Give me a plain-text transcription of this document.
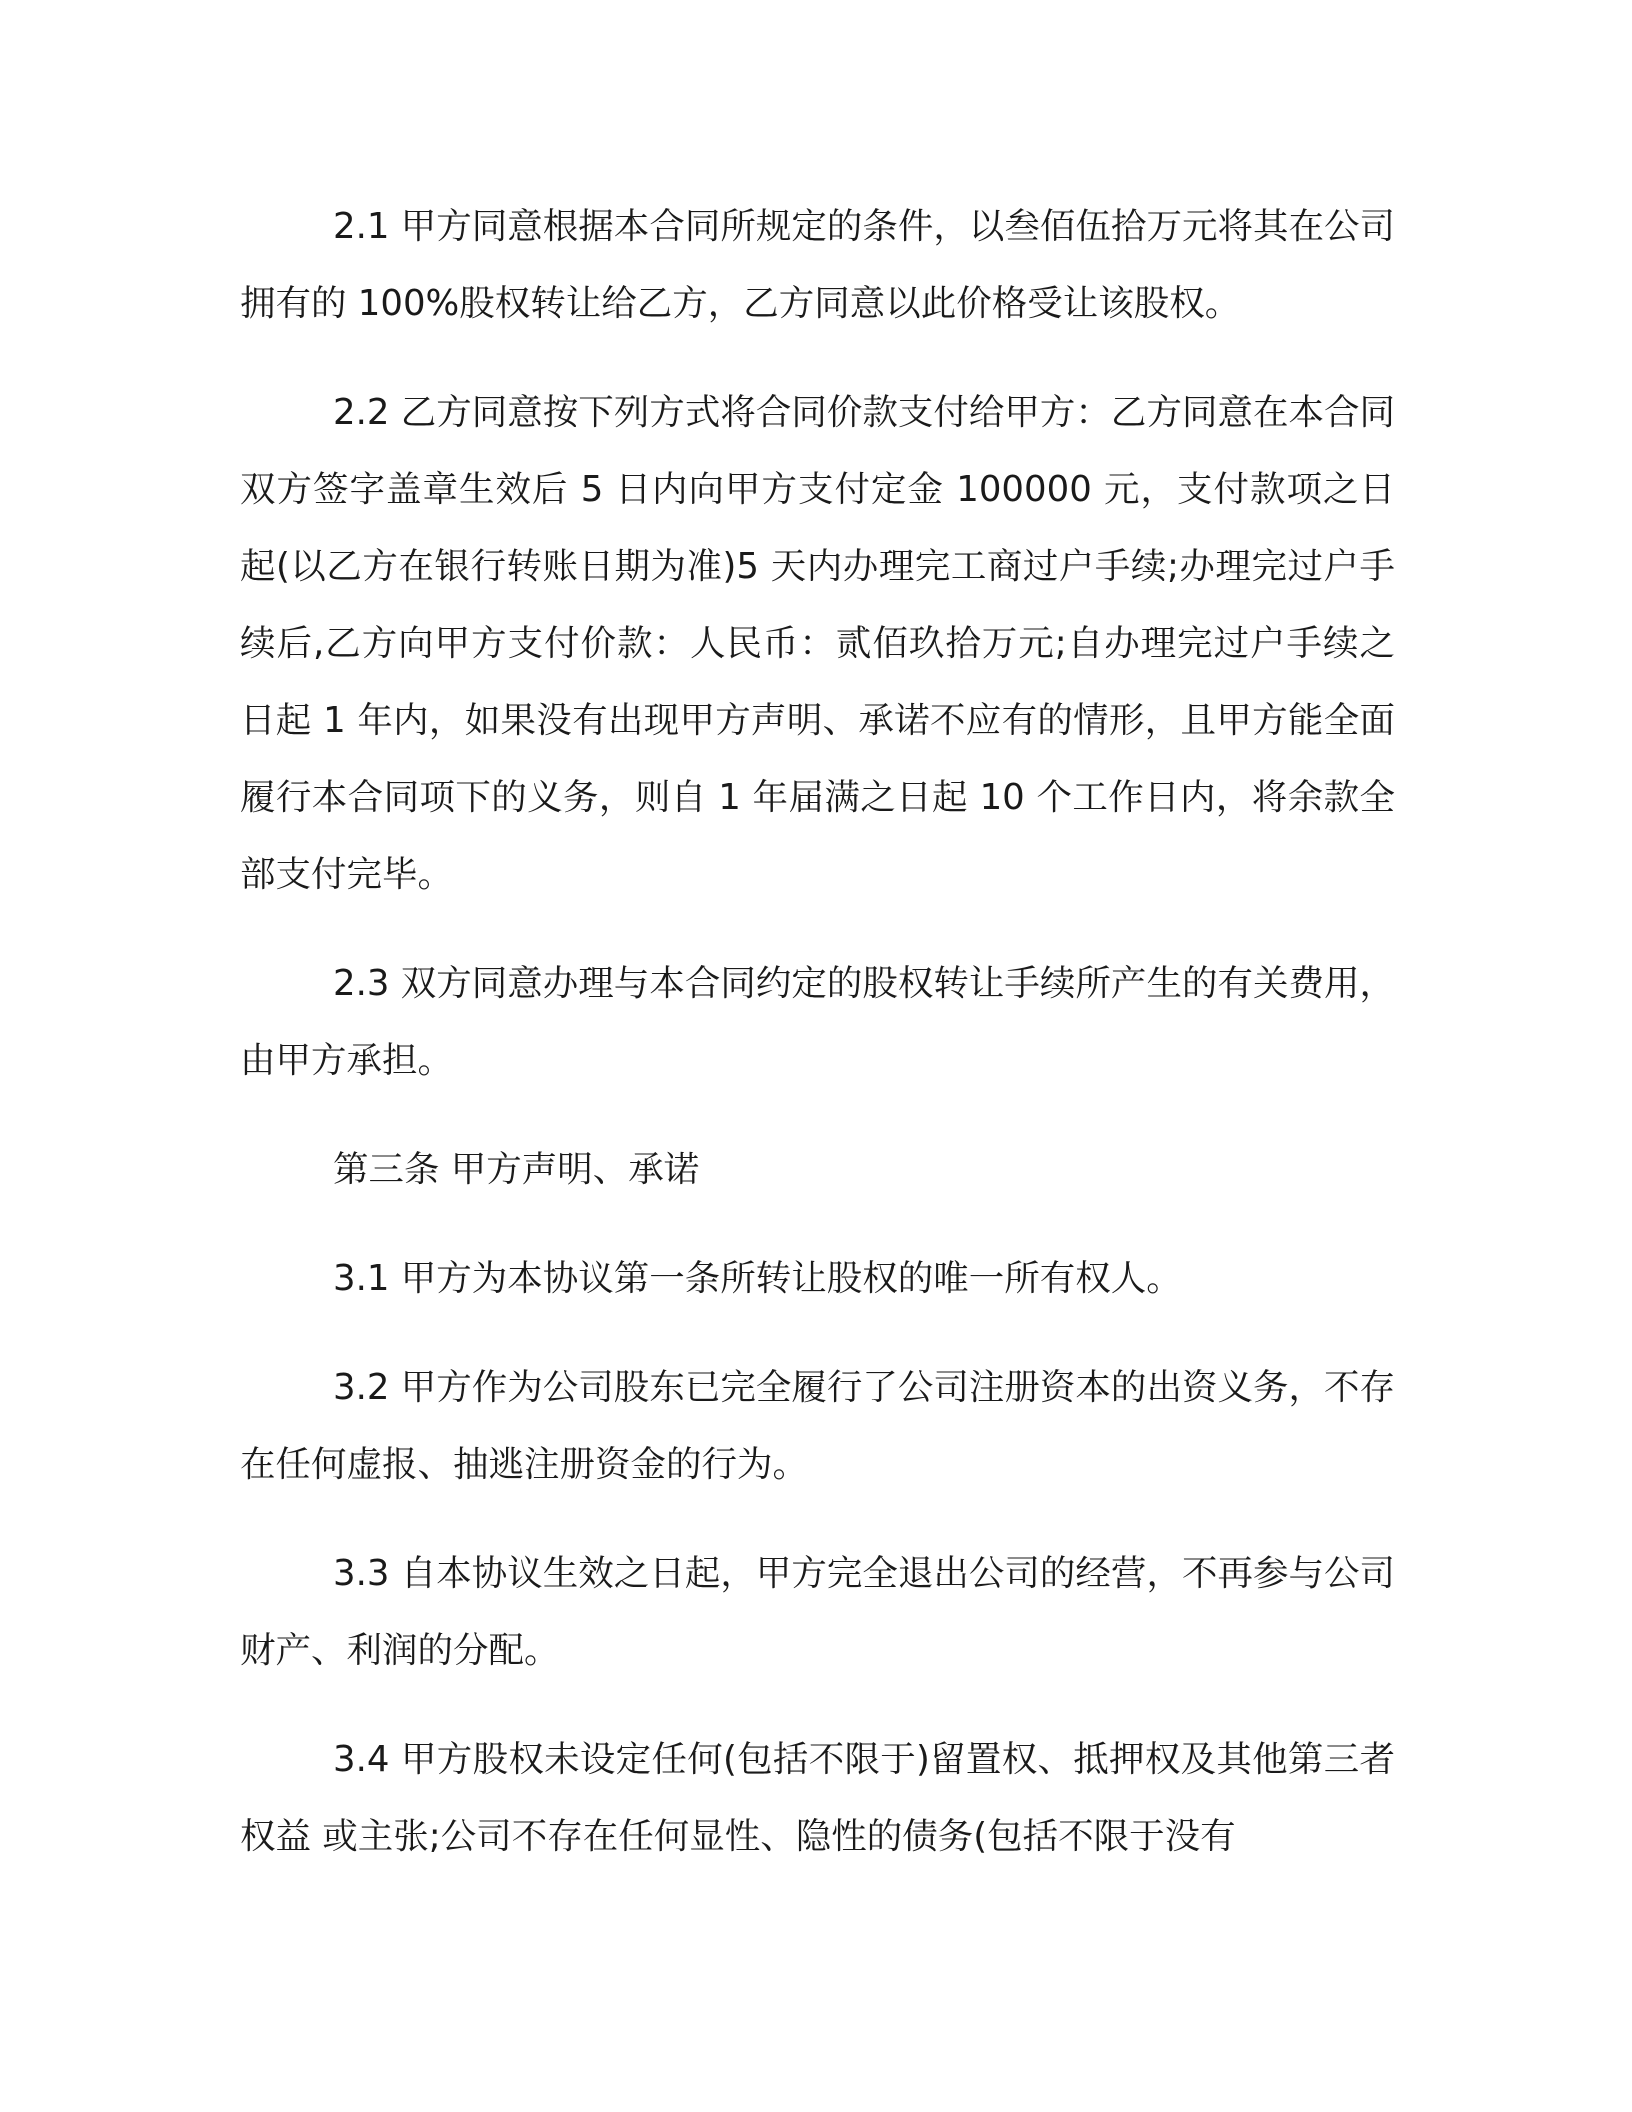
2.1 甲方同意根据本合同所规定的条件，以叁佰伍拾万元将其在公司拥有的 100%股权转让给乙方，乙方同意以此价格受让该股权。

2.2 乙方同意按下列方式将合同价款支付给甲方：乙方同意在本合同双方签字盖章生效后 5 日内向甲方支付定金 100000 元，支付款项之日起(以乙方在银行转账日期为准)5 天内办理完工商过户手续;办理完过户手续后,乙方向甲方支付价款：人民币：贰佰玖拾万元;自办理完过户手续之日起 1 年内，如果没有出现甲方声明、承诺不应有的情形，且甲方能全面履行本合同项下的义务，则自 1 年届满之日起 10 个工作日内，将余款全部支付完毕。

2.3 双方同意办理与本合同约定的股权转让手续所产生的有关费用，由甲方承担。

第三条 甲方声明、承诺

3.1 甲方为本协议第一条所转让股权的唯一所有权人。

3.2 甲方作为公司股东已完全履行了公司注册资本的出资义务，不存在任何虚报、抽逃注册资金的行为。

3.3 自本协议生效之日起，甲方完全退出公司的经营，不再参与公司财产、利润的分配。

3.4 甲方股权未设定任何(包括不限于)留置权、抵押权及其他第三者权益 或主张;公司不存在任何显性、隐性的债务(包括不限于没有
